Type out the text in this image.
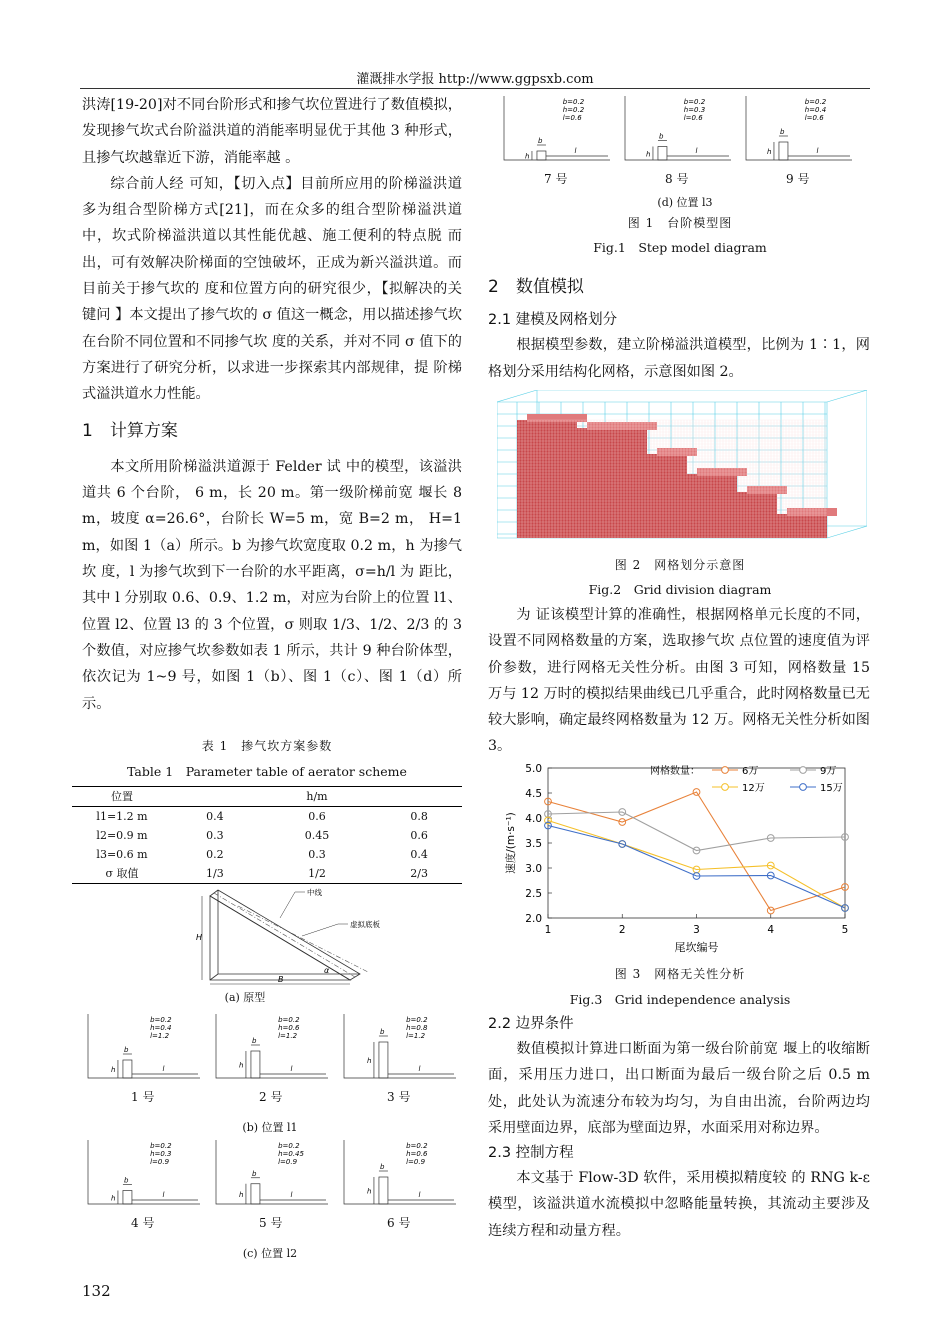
灌溉排水学报 http://www.ggpsxb.com

洪涛[19-20]对不同台阶形式和掺气坎位置进行了数值模拟，发现掺气坎式台阶溢洪道的消能率明显优于其他 3 种形式，且掺气坎越靠近下游，消能率越 。

综合前人经 可知，【切入点】目前所应用的阶梯溢洪道多为组合型阶梯方式[21]，而在众多的组合型阶梯溢洪道中，坎式阶梯溢洪道以其性能优越、施工便利的特点脱 而出，可有效解决阶梯面的空蚀破坏，正成为新兴溢洪道。而目前关于掺气坎的 度和位置方向的研究很少，【拟解决的关键问 】本文提出了掺气坎的 σ 值这一概念，用以描述掺气坎在台阶不同位置和不同掺气坎 度的关系，并对不同 σ 值下的方案进行了研究分析，以求进一步探索其内部规律，提 阶梯式溢洪道水力性能。

1　计算方案

本文所用阶梯溢洪道源于 Felder 试 中的模型，该溢洪道共 6 个台阶， 6 m，长 20 m。第一级阶梯前宽 堰长 8 m，坡度 α=26.6°，台阶长 W=5 m，宽 B=2 m， H=1 m，如图 1（a）所示。b 为掺气坎宽度取 0.2 m，h 为掺气坎 度，l 为掺气坎到下一台阶的水平距离，σ=h/l 为 距比，其中 l 分别取 0.6、0.9、1.2 m，对应为台阶上的位置 l1、位置 l2、位置 l3 的 3 个位置，σ 则取 1/3、1/2、2/3 的 3 个数值，对应掺气坎参数如表 1 所示，共计 9 种台阶体型，依次记为 1~9 号，如图 1（b）、图 1（c）、图 1（d）所示。

表 1　掺气坎方案参数
Table 1　Parameter table of aerator scheme
位置	h/m		
l1=1.2 m	0.4	0.6	0.8
l2=0.9 m	0.3	0.45	0.6
l3=0.6 m	0.2	0.3	0.4
σ 取值	1/3	1/2	2/3
中线
虚拟底板
H
B
α
(a) 原型
b=0.2
h=0.4
l=1.2
h
b
l
1 号
b=0.2
h=0.6
l=1.2
h
b
l
2 号
b=0.2
h=0.8
l=1.2
h
b
l
3 号
(b) 位置 l1
b=0.2
h=0.3
l=0.9
h
b
l
4 号
b=0.2
h=0.45
l=0.9
h
b
l
5 号
b=0.2
h=0.6
l=0.9
h
b
l
6 号
(c) 位置 l2
b=0.2
h=0.2
l=0.6
h
b
l
7 号
b=0.2
h=0.3
l=0.6
h
b
l
8 号
b=0.2
h=0.4
l=0.6
h
b
l
9 号
(d) 位置 l3
图 1　台阶模型图
Fig.1　Step model diagram

2　数值模拟

2.1 建模及网格划分

根据模型参数，建立阶梯溢洪道模型，比例为 1∶1，网格划分采用结构化网格，示意图如图 2。

图 2　网格划分示意图
Fig.2　Grid division diagram

为 证该模型计算的准确性，根据网格单元长度的不同，设置不同网格数量的方案，选取掺气坎 点位置的速度值为评价参数，进行网格无关性分析。由图 3 可知，网格数量 15 万与 12 万时的模拟结果曲线已几乎重合，此时网格数量已无较大影响，确定最终网格数量为 12 万。网格无关性分析如图 3。

2.0
2.5
3.0
3.5
4.0
4.5
5.0
1	2	3	4	5
尾坎编号
速度/(m·s⁻¹)
网格数量：	6万	9万
12万	15万
图 3　网格无关性分析
Fig.3　Grid independence analysis

2.2 边界条件

数值模拟计算进口断面为第一级台阶前宽 堰上的收缩断面，采用压力进口，出口断面为最后一级台阶之后 0.5 m 处，此处认为流速分布较为均匀，为自由出流，台阶两边均采用壁面边界，底部为壁面边界，水面采用对称边界。

2.3 控制方程

本文基于 Flow-3D 软件，采用模拟精度较 的 RNG k-ε 模型，该溢洪道水流模拟中忽略能量转换，其流动主要涉及连续方程和动量方程。

132
